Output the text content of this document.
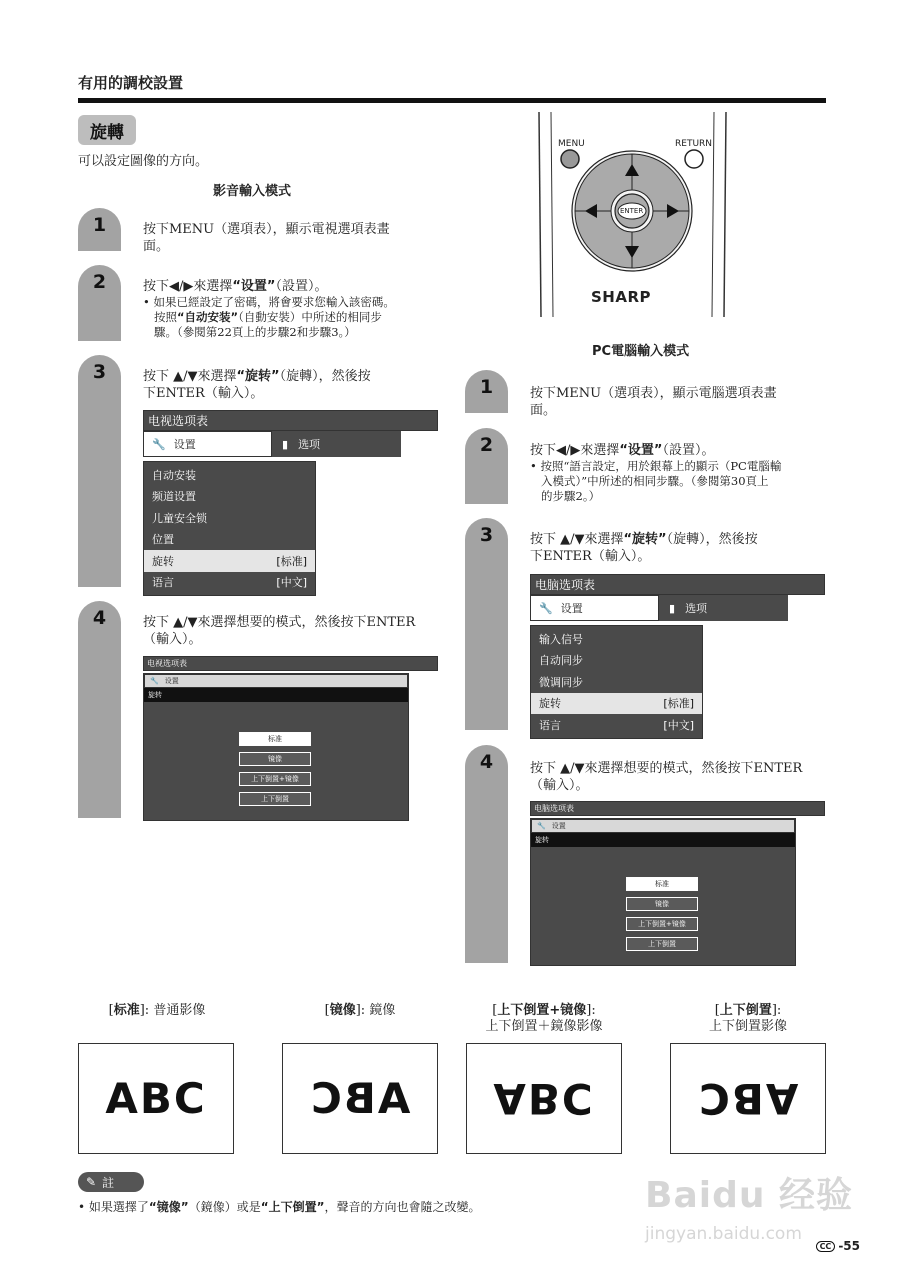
有用的調校設置
旋轉
可以設定圖像的方向。
影音輸入模式
1	按下MENU（選項表），顯示電視選項表畫
面。
2	按下◀/▶來選擇“设置”（設置）。
• 如果已經設定了密碼，將會要求您輸入該密碼。
按照“自动安装”（自動安裝）中所述的相同步
驟。（參閱第22頁上的步驟2和步驟3。）
3	按下 ▲/▼來選擇“旋转”（旋轉），然後按
下ENTER（輸入）。
电视选项表
🔧 设置	▮ 选项
自动安装
频道设置
儿童安全锁
位置
旋转	[标准]
语言	[中文]
4	按下 ▲/▼來選擇想要的模式，然後按下ENTER
（輸入）。
电视选项表
🔧 设置
旋转
标准
镜像
上下倒置+镜像
上下倒置
MENU	RETURN
ENTER
SHARP
PC電腦輸入模式
1	按下MENU（選項表），顯示電腦選項表畫
面。
2	按下◀/▶來選擇“设置”（設置）。
• 按照“語言設定，用於銀幕上的顯示（PC電腦輸
入模式）”中所述的相同步驟。（參閱第30頁上
的步驟2。）
3	按下 ▲/▼來選擇“旋转”（旋轉），然後按
下ENTER（輸入）。
电脑选项表
🔧 设置	▮ 选项
输入信号
自动同步
微调同步
旋转	[标准]
语言	[中文]
4	按下 ▲/▼來選擇想要的模式，然後按下ENTER
（輸入）。
电脑选项表
🔧 设置
旋转
标准
镜像
上下倒置+镜像
上下倒置
[标准]: 普通影像
ABC
[镜像]: 鏡像
ABC
[上下倒置+镜像]:
上下倒置＋鏡像影像
ABC
[上下倒置]:
上下倒置影像
ABC
✎ 註
• 如果選擇了“镜像”（鏡像）或是“上下倒置”，聲音的方向也會隨之改變。	Baidu 经验
jingyan.baidu.com
CC -55
